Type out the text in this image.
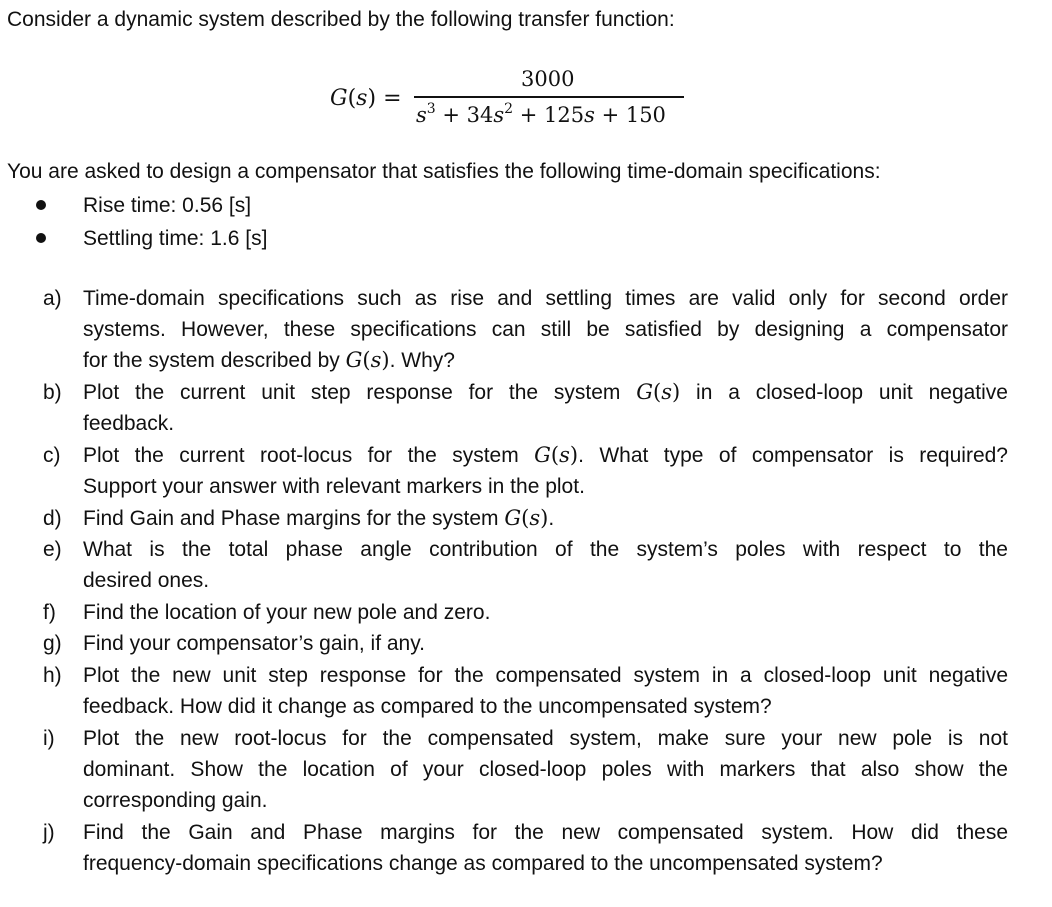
Consider a dynamic system described by the following transfer function:
G(s) =
3000
$s^3 + 34s^2 + 125s + 150$
You are asked to design a compensator that satisfies the following time-domain specifications:
Rise time: 0.56 [s]
Settling time: 1.6 [s]
a) Time-domain specifications such as rise and settling times are valid only for second order
systems. However, these specifications can still be satisfied by designing a compensator
for the system described by G(s). Why?
b) Plot the current unit step response for the system G(s) in a closed-loop unit negative
feedback.
c) Plot the current root-locus for the system G(s). What type of compensator is required?
Support your answer with relevant markers in the plot.
d) Find Gain and Phase margins for the system G(s).
e) What is the total phase angle contribution of the system’s poles with respect to the
desired ones.
f) Find the location of your new pole and zero.
g) Find your compensator’s gain, if any.
h) Plot the new unit step response for the compensated system in a closed-loop unit negative
feedback. How did it change as compared to the uncompensated system?
i) Plot the new root-locus for the compensated system, make sure your new pole is not
dominant. Show the location of your closed-loop poles with markers that also show the
corresponding gain.
j) Find the Gain and Phase margins for the new compensated system. How did these
frequency-domain specifications change as compared to the uncompensated system?
